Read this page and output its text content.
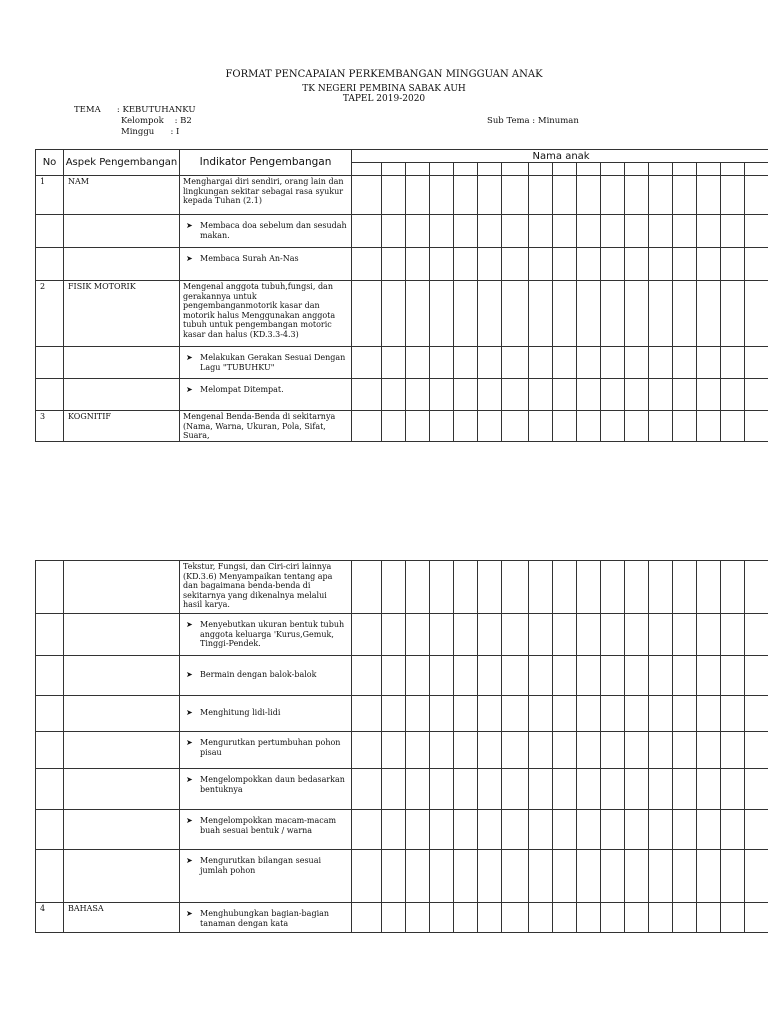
FORMAT PENCAPAIAN PERKEMBANGAN MINGGUAN ANAK
TK NEGERI PEMBINA SABAK AUH
TAPEL 2019-2020
TEMA      : KEBUTUHANKU
Kelompok    : B2
Minggu      : I
Sub Tema : Minuman
No	Aspek Pengembangan	Indikator Pengembangan	Nama anak																

1	NAM	Menghargai diri sendiri, orang lain dan lingkungan sekitar sebagai rasa syukur kepada Tuhan (2.1)																	

		➤ Membaca doa sebelum dan sesudah makan.																	

		➤ Membaca Surah An-Nas																	

2	FISIK MOTORIK	Mengenal anggota tubuh,fungsi, dan gerakannya untuk pengembanganmotorik kasar dan motorik halus Menggunakan anggota tubuh untuk pengembangan motoric kasar dan halus (KD.3.3-4.3)																	

		➤ Melakukan Gerakan Sesuai Dengan Lagu "TUBUHKU"																	

		➤ Melompat Ditempat.																	

3	KOGNITIF	Mengenal Benda-Benda di sekitarnya (Nama, Warna, Ukuran, Pola, Sifat, Suara,																	
		Tekstur, Fungsi, dan Ciri-ciri lainnya (KD.3.6) Menyampaikan tentang apa dan bagaimana benda-benda di sekitarnya yang dikenalnya melalui hasil karya.																	

		➤ Menyebutkan ukuran bentuk tubuh anggota keluarga 'Kurus,Gemuk, Tinggi-Pendek.																	

		➤ Bermain dengan balok-balok																	

		➤ Menghitung lidi-lidi																	

		➤ Mengurutkan pertumbuhan pohon pisau																	

		➤ Mengelompokkan daun bedasarkan bentuknya																	

		➤ Mengelompokkan macam-macam buah sesuai bentuk / warna																	

		➤ Mengurutkan bilangan sesuai jumlah pohon																	

4	BAHASA	➤ Menghubungkan bagian-bagian tanaman dengan kata																	
